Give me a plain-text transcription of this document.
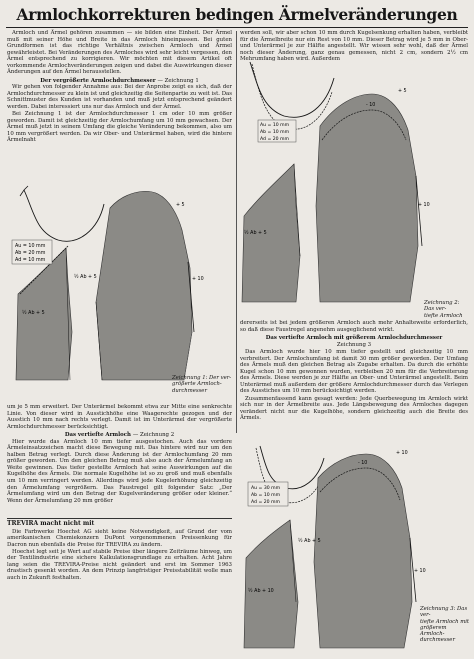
Armlochkorrekturen bedingen Ärmelveränderungen

Armloch und Ärmel gehören zusammen — sie bilden eine Einheit. Der Ärmel muß mit seiner Höhe und Breite in das Armloch hineinpassen. Bei guten Grundformen ist das richtige Verhältnis zwischen Armloch und Ärmel gewährleistet. Bei Veränderungen des Armloches wird sehr leicht vergessen, den Ärmel entsprechend zu korrigieren. Wir möchten mit diesem Artikel oft vorkommende Armlochveränderungen zeigen und dabei die Auswirkungen dieser Änderungen auf den Ärmel herausstellen.

Der vergrößerte Armlochdurchmesser — Zeichnung 1

Wir gehen von folgender Annahme aus: Bei der Anprobe zeigt es sich, daß der Armlochdurchmesser zu klein ist und gleichzeitig die Seitenpartie zu weit ist. Das Schnittmuster des Kunden ist vorhanden und muß jetzt entsprechend geändert werden. Dabei interessiert uns nur das Armloch und der Ärmel.

Bei Zeichnung 1 ist der Armlochdurchmesser 1 cm oder 10 mm größer geworden. Damit ist gleichzeitig der Armlochumfang um 10 mm gewachsen. Der Ärmel muß jetzt in seinem Umfang die gleiche Veränderung bekommen, also um 10 mm vergrößert werden. Da wir Ober- und Unterärmel haben, wird die hintere Ärmelnaht

werden soll, wir aber schon 10 mm durch Kugelsenkung erhalten haben, verbleibt für die Ärmelbreite nur ein Rest von 10 mm. Dieser Betrag wird je 5 mm in Ober- und Unterärmel je zur Hälfte angestellt. Wir wissen sehr wohl, daß der Ärmel noch dieser Änderung, ganz genau gemessen, nicht 2 cm, sondern 2½ cm Mehrumfang haben wird. Außerdem

Au = 10 mm
Ab = 20 mm
Ad = 10 mm
½ Ab + 5
½ Ab + 5
+ 5
+ 10
Zeichnung 1: Der ver-
größerte Armloch-
durchmesser
Au = 10 mm
Ab = 10 mm
Ad = 20 mm
+ 5
- 10
+ 10
½ Ab + 5
Zeichnung 2: Das ver-
tiefte Armloch

dererseits ist bei jedem größeren Armloch auch mehr Anhalteweite erforderlich, so daß diese Faustregel angenehm ausgeglichend wirkt.

Das vertiefte Armloch mit größerem Armlochdurchmesser

Zeichnung 3

Das Armloch wurde hier 10 mm tiefer gestellt und gleichzeitig 10 mm verbreitert. Der Armlochumfang ist damit 30 mm größer geworden. Der Umfang des Ärmels muß den gleichen Betrag als Zugabe erhalten. Da durch die erhöhte Kugel schon 10 mm gewonnen wurden, verbleiben 20 mm für die Verbreiterung des Ärmels. Diese werden je zur Hälfte an Ober- und Unterärmel angestellt. Beim Unterärmel muß außerdem der größere Armlochdurchmesser durch das Verlegen des Ausstiches um 10 mm berücksichtigt werden.

Zusammenfassend kann gesagt werden: Jede Querbewegung im Armloch wirkt sich nur in der Ärmelbreite aus. Jede Längsbewegung des Armloches dagegen verändert nicht nur die Kugelhöhe, sondern gleichzeitig auch die Breite des Ärmels.

um je 5 mm erweitert. Der Unterärmel bekommt etwa zur Mitte eine senkrechte Linie. Von dieser wird in Ausstichhöhe eine Waagerechte gezogen und der Ausstich 10 mm nach rechts verlegt. Damit ist im Unterärmel der vergrößerte Armlochdurchmesser berücksichtigt.

Das vertiefte Armloch — Zeichnung 2

Hier wurde das Armloch 10 mm tiefer ausgestochen. Auch das vordere Ärmeleinsatzzeichen macht diese Bewegung mit. Das hintere wird nur um den halben Betrag verlegt. Durch diese Änderung ist der Armlochumfang 20 mm größer geworden. Um den gleichen Betrag muß also auch der Ärmelumfang an Weite gewinnen. Das tiefer gestellte Armloch hat seine Auswirkungen auf die Kugelhöhe des Ärmels. Die normale Kugelhöhe ist so zu groß und muß ebenfalls um 10 mm verringert werden. Allerdings wird jede Kugelerhöhung gleichzeitig den Ärmelumfang vergrößern. Das Faustregel gilt folgender Satz: „Der Ärmelumfang wird um den Betrag der Kugelveränderung größer oder kleiner.“ Wenn der Ärmelumfang 20 mm größer

TREVIRA macht nicht mit

Die Farbwerke Hoechst AG sieht keine Notwendigkeit, auf Grund der vom amerikanischen Chemiekonzern DuPont vorgenommenen Preissenkung für Dacron nun ebenfalls die Preise für TREVIRA zu ändern.

Hoechst legt seit je Wert auf stabile Preise über längere Zeiträume hinweg, um der Textilindustrie eine sichere Kalkulationsgrundlage zu erhalten. Acht Jahre lang seien die TREVIRA-Preise nicht geändert und erst im Sommer 1963 drastisch gesenkt worden. An dem Prinzip langfristiger Preisstabilität wolle man auch in Zukunft festhalten.

Au = 30 mm
Ab = 10 mm
Ad = 20 mm
+ 10
- 10
½ Ab + 5
½ Ab + 10
+ 10
Zeichnung 3: Das ver-
tiefte Armloch mit
größerem Armloch-
durchmesser
